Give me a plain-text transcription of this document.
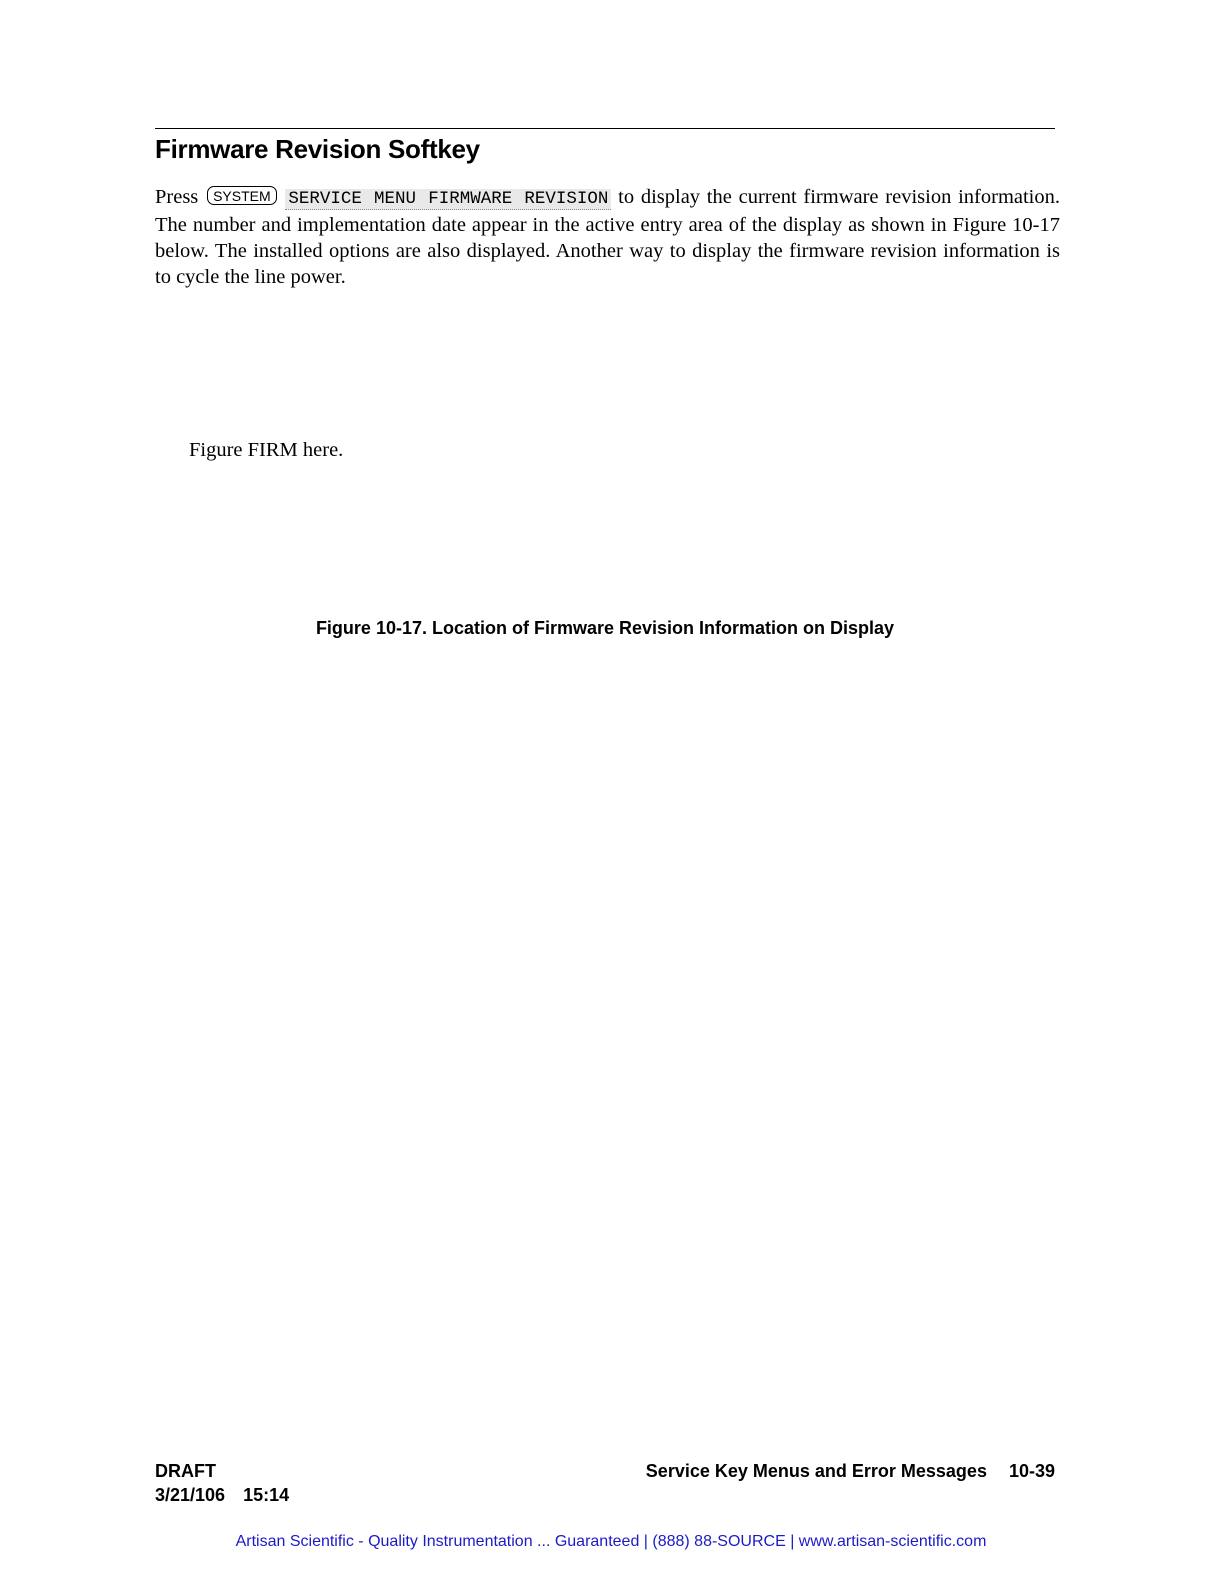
Firmware Revision Softkey
Press SYSTEM SERVICE MENU FIRMWARE REVISION to display the current firmware revision information. The number and implementation date appear in the active entry area of the display as shown in Figure 10-17 below. The installed options are also displayed. Another way to display the firmware revision information is to cycle the line power.
Figure FIRM here.
Figure 10-17. Location of Firmware Revision Information on Display
DRAFT
3/21/106 15:14
Service Key Menus and Error Messages 10-39
Artisan Scientific - Quality Instrumentation ... Guaranteed | (888) 88-SOURCE | www.artisan-scientific.com
